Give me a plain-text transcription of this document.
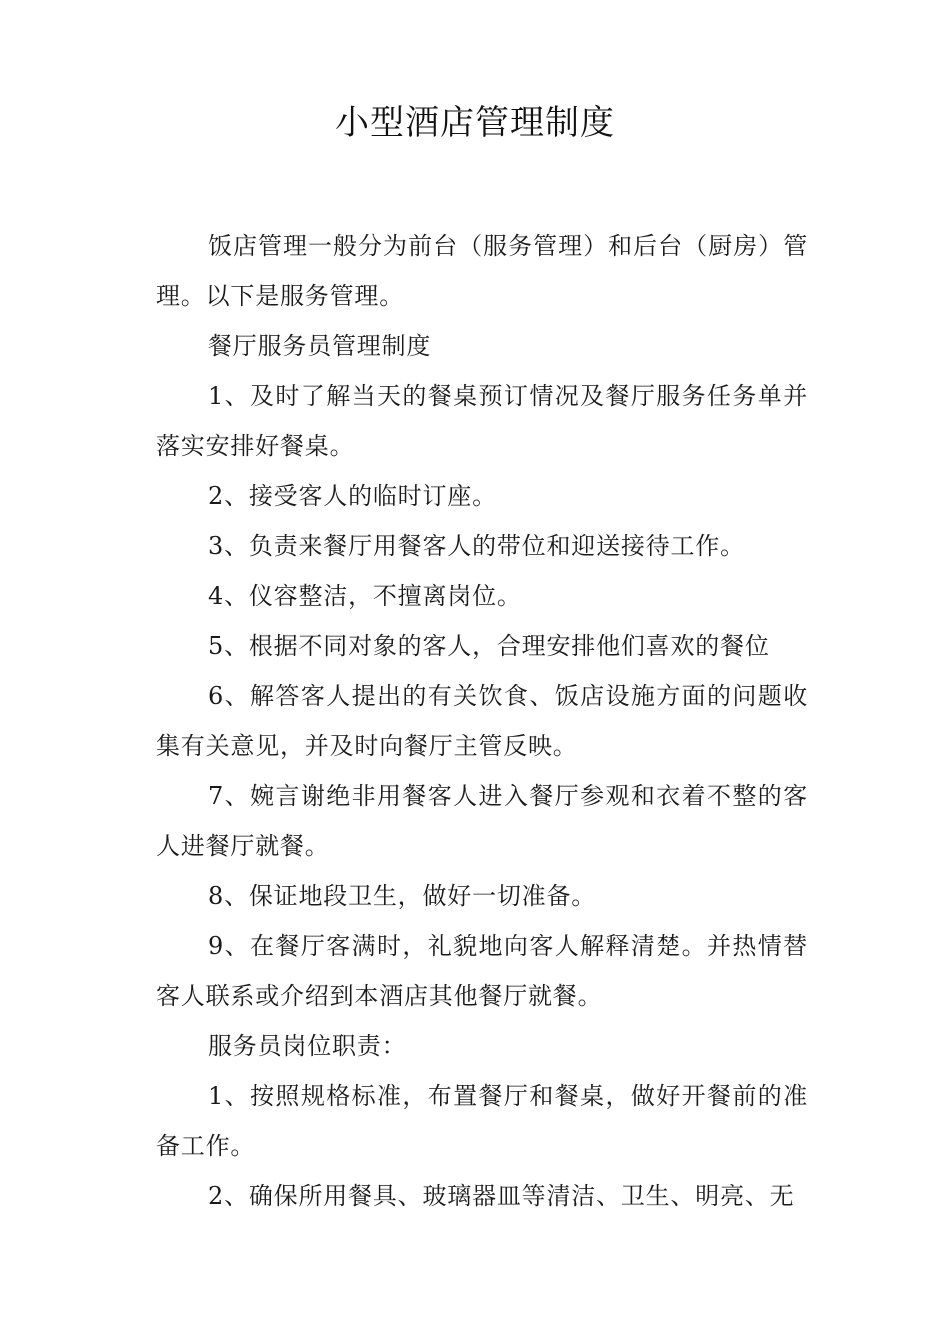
小型酒店管理制度

饭店管理一般分为前台（服务管理）和后台（厨房）管理。以下是服务管理。

餐厅服务员管理制度

1、及时了解当天的餐桌预订情况及餐厅服务任务单并落实安排好餐桌。

2、接受客人的临时订座。

3、负责来餐厅用餐客人的带位和迎送接待工作。

4、仪容整洁，不擅离岗位。

5、根据不同对象的客人，合理安排他们喜欢的餐位

6、解答客人提出的有关饮食、饭店设施方面的问题收集有关意见，并及时向餐厅主管反映。

7、婉言谢绝非用餐客人进入餐厅参观和衣着不整的客人进餐厅就餐。

8、保证地段卫生，做好一切准备。

9、在餐厅客满时，礼貌地向客人解释清楚。并热情替客人联系或介绍到本酒店其他餐厅就餐。

服务员岗位职责：

1、按照规格标准，布置餐厅和餐桌，做好开餐前的准备工作。

2、确保所用餐具、玻璃器皿等清洁、卫生、明亮、无
